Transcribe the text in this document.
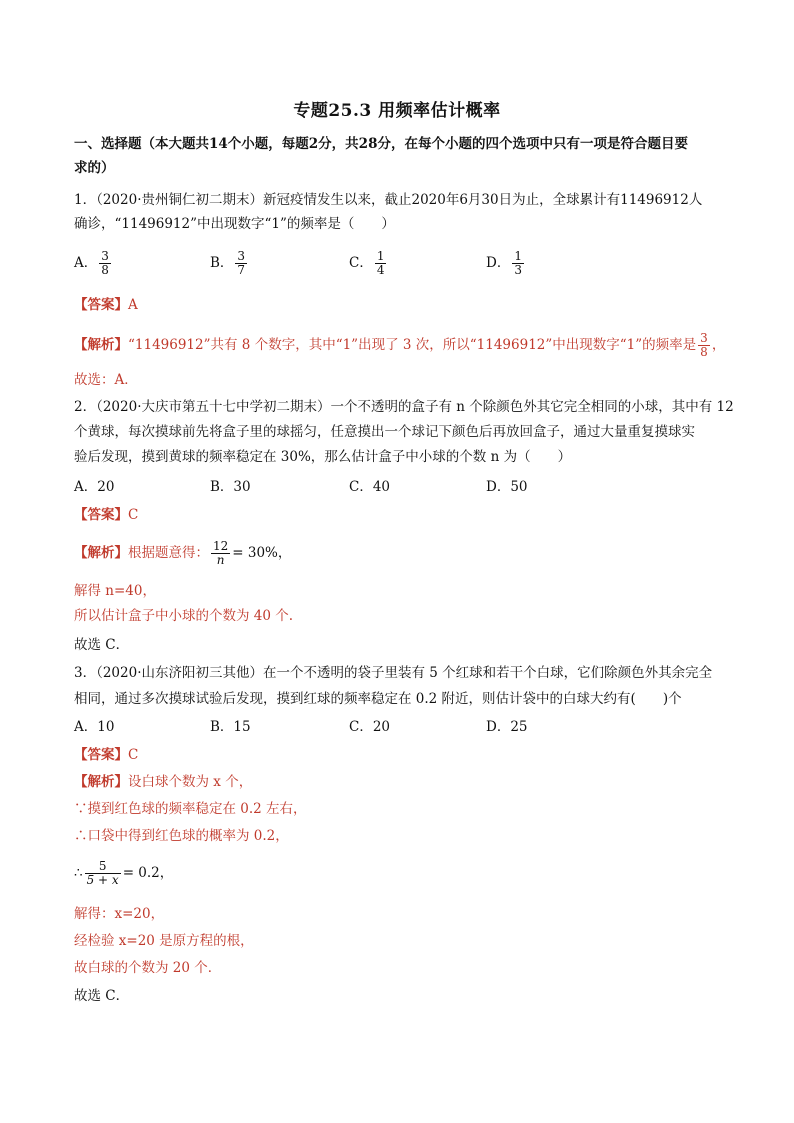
专题25.3 用频率估计概率
一、选择题（本大题共14个小题，每题2分，共28分，在每个小题的四个选项中只有一项是符合题目要
求的）
1．（2020·贵州铜仁初二期末）新冠疫情发生以来，截止2020年6月30日为止，全球累计有11496912人
确诊，“11496912”中出现数字“1”的频率是（　　）
A． $\frac{3}{8}$	B． $\frac{3}{7}$	C． $\frac{1}{4}$	D． $\frac{1}{3}$
【答案】A
【解析】“11496912”共有 8 个数字，其中“1”出现了 3 次，所以“11496912”中出现数字“1”的频率是 $\frac{3}{8}$ ，
故选：A．
2．（2020·大庆市第五十七中学初二期末）一个不透明的盒子有 n 个除颜色外其它完全相同的小球，其中有 12
个黄球，每次摸球前先将盒子里的球摇匀，任意摸出一个球记下颜色后再放回盒子，通过大量重复摸球实
验后发现，摸到黄球的频率稳定在 30%，那么估计盒子中小球的个数 n 为（　　）
A．20	B．30	C．40	D．50
【答案】C
【解析】根据题意得： $\frac{12}{n} = 30\%$，
解得 n=40，
所以估计盒子中小球的个数为 40 个.
故选 C．
3．（2020·山东济阳初三其他）在一个不透明的袋子里装有 5 个红球和若干个白球，它们除颜色外其余完全
相同，通过多次摸球试验后发现，摸到红球的频率稳定在 0.2 附近，则估计袋中的白球大约有(　　)个
A．10	B．15	C．20	D．25
【答案】C
【解析】设白球个数为 x 个，
∵摸到红色球的频率稳定在 0.2 左右，
∴口袋中得到红色球的概率为 0.2，
∴ $\frac{5}{5 + x} = 0.2$，
解得：x=20，
经检验 x=20 是原方程的根，
故白球的个数为 20 个．
故选 C．
